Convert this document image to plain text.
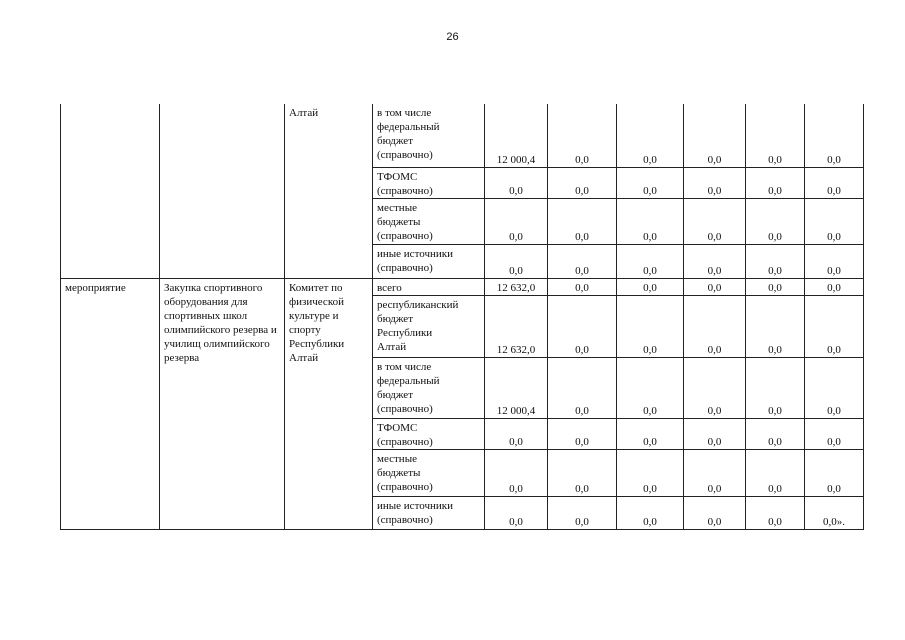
26
		Алтай	в том числе
федеральный
бюджет
(справочно)	12 000,4	0,0	0,0	0,0	0,0	0,0
			ТФОМС
(справочно)	0,0	0,0	0,0	0,0	0,0	0,0
			местные
бюджеты
(справочно)	0,0	0,0	0,0	0,0	0,0	0,0
			иные источники
(справочно)	0,0	0,0	0,0	0,0	0,0	0,0
мероприятие	Закупка спортивного оборудования для спортивных школ олимпийского резерва и училищ олимпийского резерва	Комитет по физической культуре и спорту Республики Алтай	всего	12 632,0	0,0	0,0	0,0	0,0	0,0
			республиканский
бюджет
Республики
Алтай	12 632,0	0,0	0,0	0,0	0,0	0,0
			в том числе
федеральный
бюджет
(справочно)	12 000,4	0,0	0,0	0,0	0,0	0,0
			ТФОМС
(справочно)	0,0	0,0	0,0	0,0	0,0	0,0
			местные
бюджеты
(справочно)	0,0	0,0	0,0	0,0	0,0	0,0
			иные источники
(справочно)	0,0	0,0	0,0	0,0	0,0	0,0».
